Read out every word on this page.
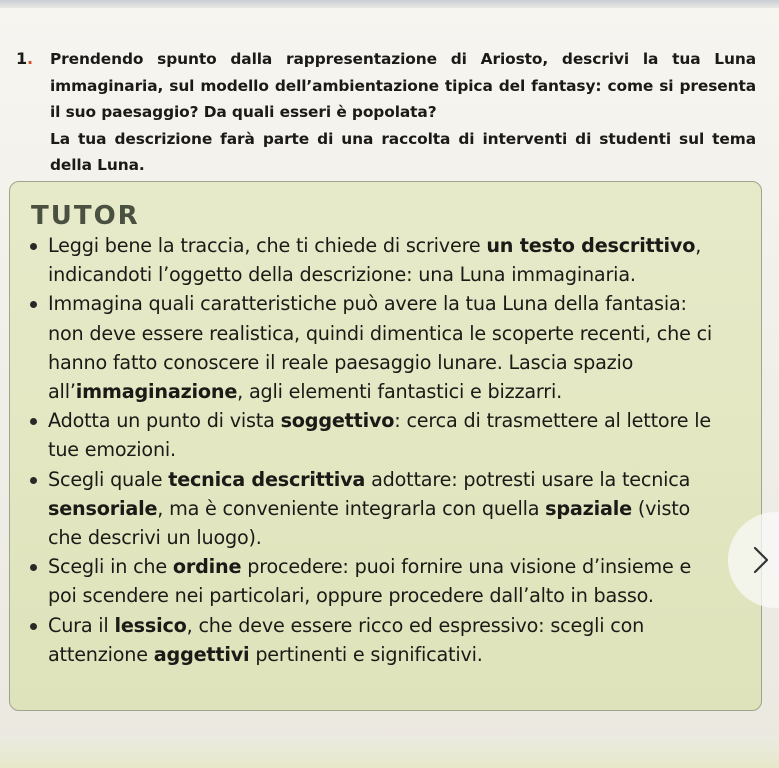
1. Prendendo spunto dalla rappresentazione di Ariosto, descrivi la tua Luna immaginaria, sul modello dell’ambientazione tipica del fantasy: come si presenta il suo paesaggio? Da quali esseri è popolata?

La tua descrizione farà parte di una raccolta di interventi di studenti sul tema della Luna.

TUTOR
Leggi bene la traccia, che ti chiede di scrivere un testo descrittivo, indicandoti l’oggetto della descrizione: una Luna immaginaria.
Immagina quali caratteristiche può avere la tua Luna della fantasia: non deve essere realistica, quindi dimentica le scoperte recenti, che ci hanno fatto conoscere il reale paesaggio lunare. Lascia spazio all’immaginazione, agli elementi fantastici e bizzarri.
Adotta un punto di vista soggettivo: cerca di trasmettere al lettore le tue emozioni.
Scegli quale tecnica descrittiva adottare: potresti usare la tecnica sensoriale, ma è conveniente integrarla con quella spaziale (visto che descrivi un luogo).
Scegli in che ordine procedere: puoi fornire una visione d’insieme e poi scendere nei particolari, oppure procedere dall’alto in basso.
Cura il lessico, che deve essere ricco ed espressivo: scegli con attenzione aggettivi pertinenti e significativi.
